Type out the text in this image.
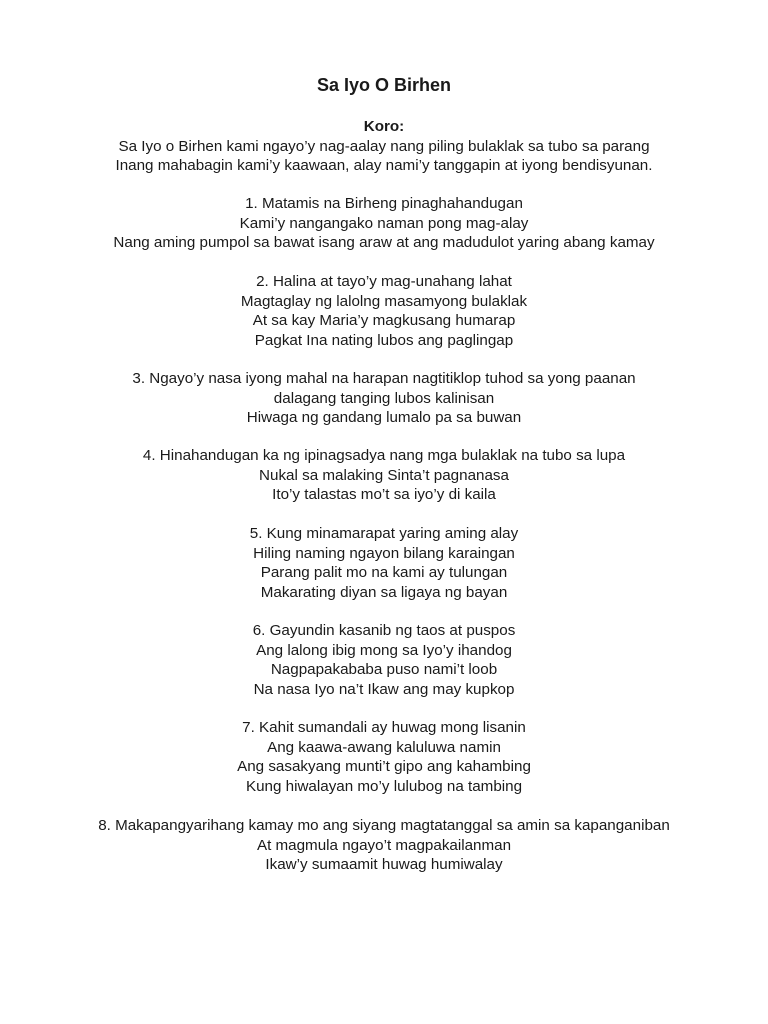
Sa Iyo O Birhen
Koro:
Sa Iyo o Birhen kami ngayo’y nag-aalay nang piling bulaklak sa tubo sa parang
Inang mahabagin kami’y kaawaan, alay nami’y tanggapin at iyong bendisyunan.
1. Matamis na Birheng pinaghahandugan
Kami’y nangangako naman pong mag-alay
Nang aming pumpol sa bawat isang araw at ang madudulot yaring abang kamay
2. Halina at tayo’y mag-unahang lahat
Magtaglay ng lalolng masamyong bulaklak
At sa kay Maria’y magkusang humarap
Pagkat Ina nating lubos ang paglingap
3. Ngayo’y nasa iyong mahal na harapan nagtitiklop tuhod sa yong paanan
dalagang tanging lubos kalinisan
Hiwaga ng gandang lumalo pa sa buwan
4. Hinahandugan ka ng ipinagsadya nang mga bulaklak na tubo sa lupa
Nukal sa malaking Sinta’t pagnanasa
Ito’y talastas mo’t sa iyo’y di kaila
5. Kung minamarapat yaring aming alay
Hiling naming ngayon bilang karaingan
Parang palit mo na kami ay tulungan
Makarating diyan sa ligaya ng bayan
6. Gayundin kasanib ng taos at puspos
Ang lalong ibig mong sa Iyo’y ihandog
Nagpapakababa puso nami’t loob
Na nasa Iyo na’t Ikaw ang may kupkop
7. Kahit sumandali ay huwag mong lisanin
Ang kaawa-awang kaluluwa namin
Ang sasakyang munti’t gipo ang kahambing
Kung hiwalayan mo’y lulubog na tambing
8. Makapangyarihang kamay mo ang siyang magtatanggal sa amin sa kapanganiban
At magmula ngayo’t magpakailanman
Ikaw’y sumaamit huwag humiwalay
